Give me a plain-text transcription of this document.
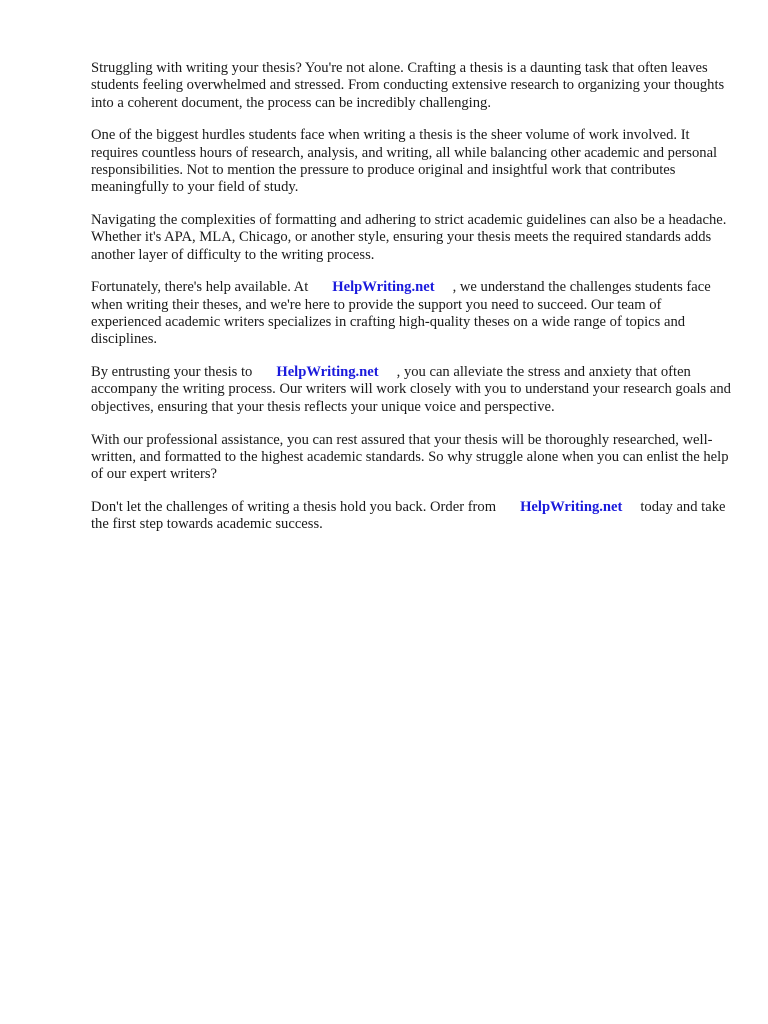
Struggling with writing your thesis? You're not alone. Crafting a thesis is a daunting task that often leaves students feeling overwhelmed and stressed. From conducting extensive research to organizing your thoughts into a coherent document, the process can be incredibly challenging.

One of the biggest hurdles students face when writing a thesis is the sheer volume of work involved. It requires countless hours of research, analysis, and writing, all while balancing other academic and personal responsibilities. Not to mention the pressure to produce original and insightful work that contributes meaningfully to your field of study.

Navigating the complexities of formatting and adhering to strict academic guidelines can also be a headache. Whether it's APA, MLA, Chicago, or another style, ensuring your thesis meets the required standards adds another layer of difficulty to the writing process.

Fortunately, there's help available. At HelpWriting.net , we understand the challenges students face when writing their theses, and we're here to provide the support you need to succeed. Our team of experienced academic writers specializes in crafting high-quality theses on a wide range of topics and disciplines.

By entrusting your thesis to HelpWriting.net , you can alleviate the stress and anxiety that often accompany the writing process. Our writers will work closely with you to understand your research goals and objectives, ensuring that your thesis reflects your unique voice and perspective.

With our professional assistance, you can rest assured that your thesis will be thoroughly researched, well-written, and formatted to the highest academic standards. So why struggle alone when you can enlist the help of our expert writers?

Don't let the challenges of writing a thesis hold you back. Order from HelpWriting.net today and take the first step towards academic success.
